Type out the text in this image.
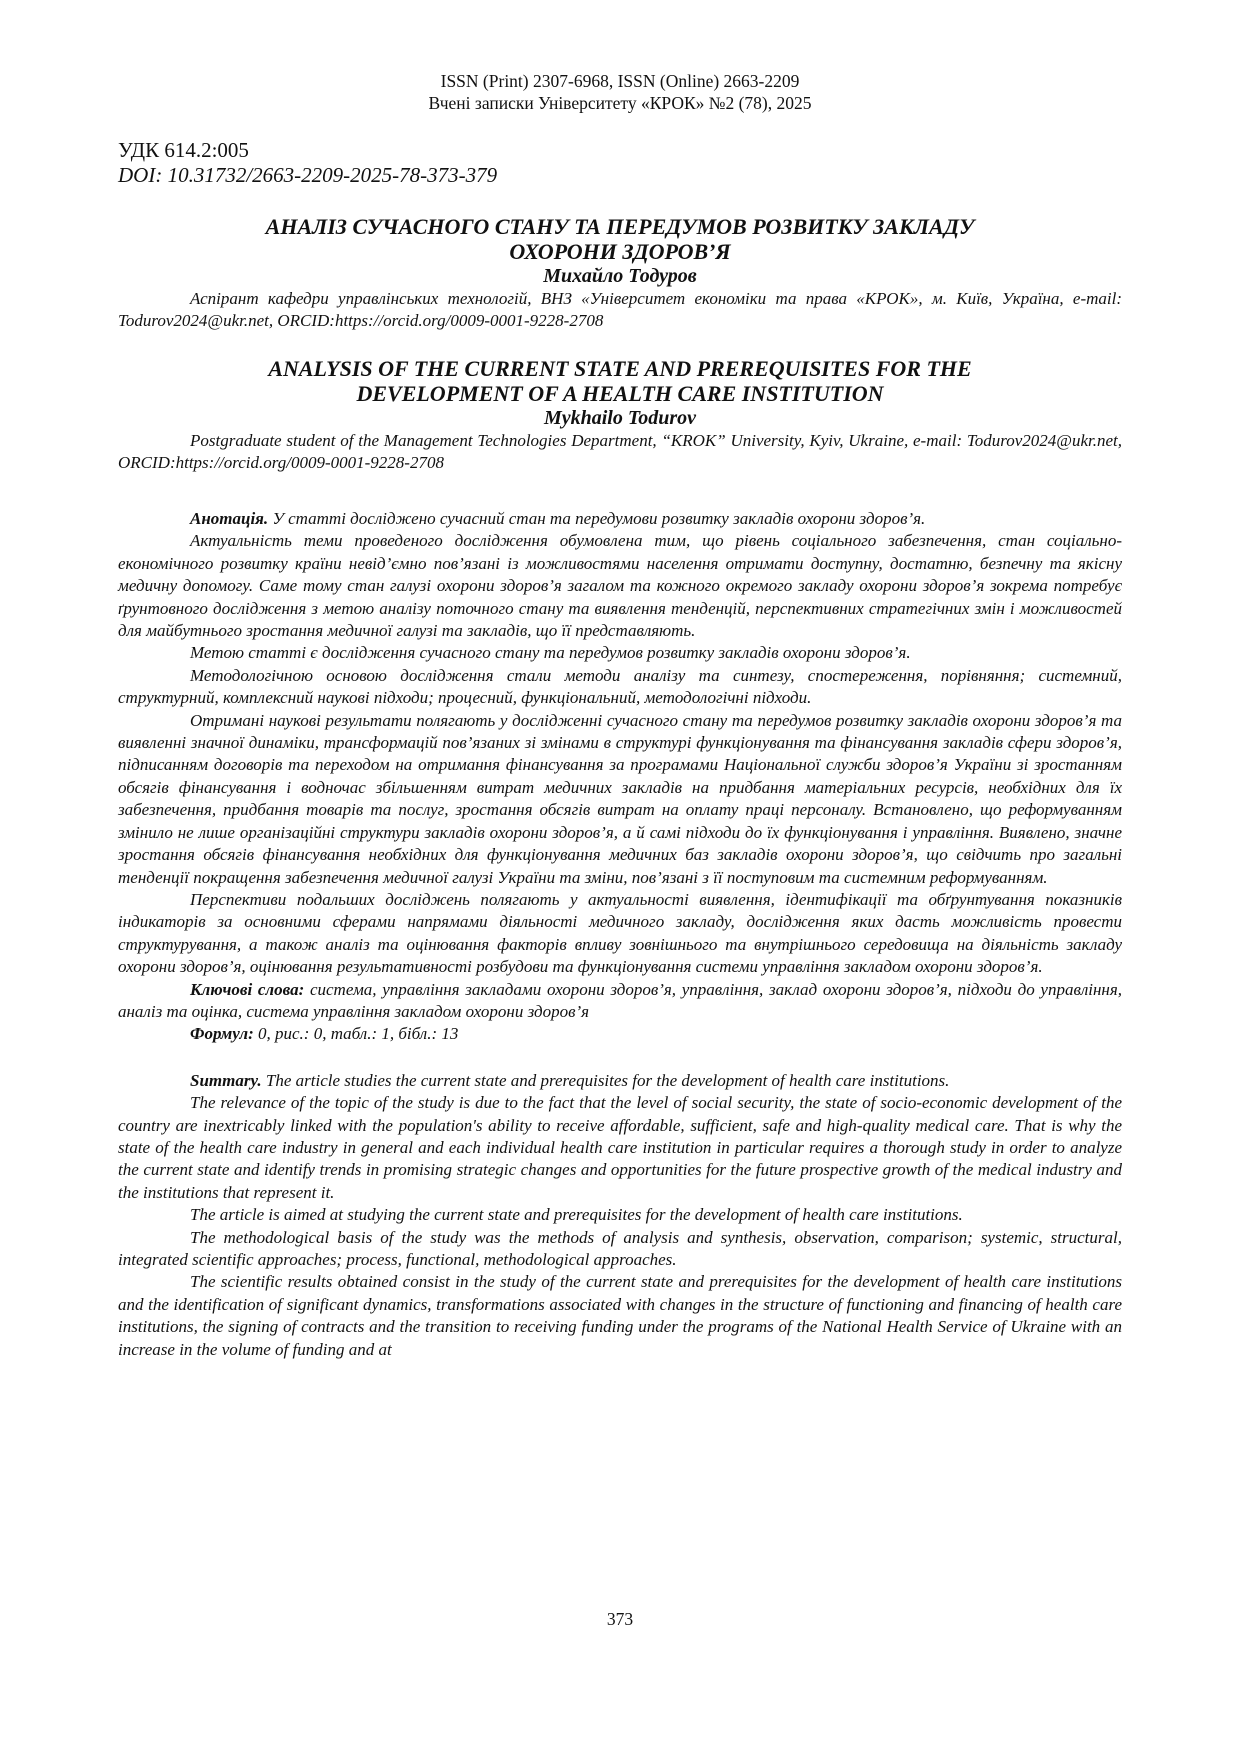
ISSN (Print) 2307-6968, ISSN (Online) 2663-2209
Вчені записки Університету «КРОК» №2 (78), 2025
УДК 614.2:005
DOI: 10.31732/2663-2209-2025-78-373-379
АНАЛІЗ СУЧАСНОГО СТАНУ ТА ПЕРЕДУМОВ РОЗВИТКУ ЗАКЛАДУ
ОХОРОНИ ЗДОРОВ’Я
Михайло Тодуров
Аспірант кафедри управлінських технологій, ВНЗ «Університет економіки та права «КРОК», м. Київ, Україна, e-mail: Todurov2024@ukr.net, ORCID:https://orcid.org/0009-0001-9228-2708
ANALYSIS OF THE CURRENT STATE AND PREREQUISITES FOR THE
DEVELOPMENT OF A HEALTH CARE INSTITUTION
Mykhailo Todurov
Postgraduate student of the Management Technologies Department, “KROK” University, Kyiv, Ukraine, e-mail: Todurov2024@ukr.net, ORCID:https://orcid.org/0009-0001-9228-2708

Анотація. У статті досліджено сучасний стан та передумови розвитку закладів охорони здоров’я.

Актуальність теми проведеного дослідження обумовлена тим, що рівень соціального забезпечення, стан соціально-економічного розвитку країни невід’ємно пов’язані із можливостями населення отримати доступну, достатню, безпечну та якісну медичну допомогу. Саме тому стан галузі охорони здоров’я загалом та кожного окремого закладу охорони здоров’я зокрема потребує ґрунтовного дослідження з метою аналізу поточного стану та виявлення тенденцій, перспективних стратегічних змін і можливостей для майбутнього зростання медичної галузі та закладів, що її представляють.

Метою статті є дослідження сучасного стану та передумов розвитку закладів охорони здоров’я.

Методологічною основою дослідження стали методи аналізу та синтезу, спостереження, порівняння; системний, структурний, комплексний наукові підходи; процесний, функціональний, методологічні підходи.

Отримані наукові результати полягають у дослідженні сучасного стану та передумов розвитку закладів охорони здоров’я та виявленні значної динаміки, трансформацій пов’язаних зі змінами в структурі функціонування та фінансування закладів сфери здоров’я, підписанням договорів та переходом на отримання фінансування за програмами Національної служби здоров’я України зі зростанням обсягів фінансування і водночас збільшенням витрат медичних закладів на придбання матеріальних ресурсів, необхідних для їх забезпечення, придбання товарів та послуг, зростання обсягів витрат на оплату праці персоналу. Встановлено, що реформуванням змінило не лише організаційні структури закладів охорони здоров’я, а й самі підходи до їх функціонування і управління. Виявлено, значне зростання обсягів фінансування необхідних для функціонування медичних баз закладів охорони здоров’я, що свідчить про загальні тенденції покращення забезпечення медичної галузі України та зміни, пов’язані з її поступовим та системним реформуванням.

Перспективи подальших досліджень полягають у актуальності виявлення, ідентифікації та обґрунтування показників індикаторів за основними сферами напрямами діяльності медичного закладу, дослідження яких дасть можливість провести структурування, а також аналіз та оцінювання факторів впливу зовнішнього та внутрішнього середовища на діяльність закладу охорони здоров’я, оцінювання результативності розбудови та функціонування системи управління закладом охорони здоров’я.

Ключові слова: система, управління закладами охорони здоров’я, управління, заклад охорони здоров’я, підходи до управління, аналіз та оцінка, система управління закладом охорони здоров’я

Формул: 0, рис.: 0, табл.: 1, бібл.: 13

Summary. The article studies the current state and prerequisites for the development of health care institutions.

The relevance of the topic of the study is due to the fact that the level of social security, the state of socio-economic development of the country are inextricably linked with the population's ability to receive affordable, sufficient, safe and high-quality medical care. That is why the state of the health care industry in general and each individual health care institution in particular requires a thorough study in order to analyze the current state and identify trends in promising strategic changes and opportunities for the future prospective growth of the medical industry and the institutions that represent it.

The article is aimed at studying the current state and prerequisites for the development of health care institutions.

The methodological basis of the study was the methods of analysis and synthesis, observation, comparison; systemic, structural, integrated scientific approaches; process, functional, methodological approaches.

The scientific results obtained consist in the study of the current state and prerequisites for the development of health care institutions and the identification of significant dynamics, transformations associated with changes in the structure of functioning and financing of health care institutions, the signing of contracts and the transition to receiving funding under the programs of the National Health Service of Ukraine with an increase in the volume of funding and at

373
